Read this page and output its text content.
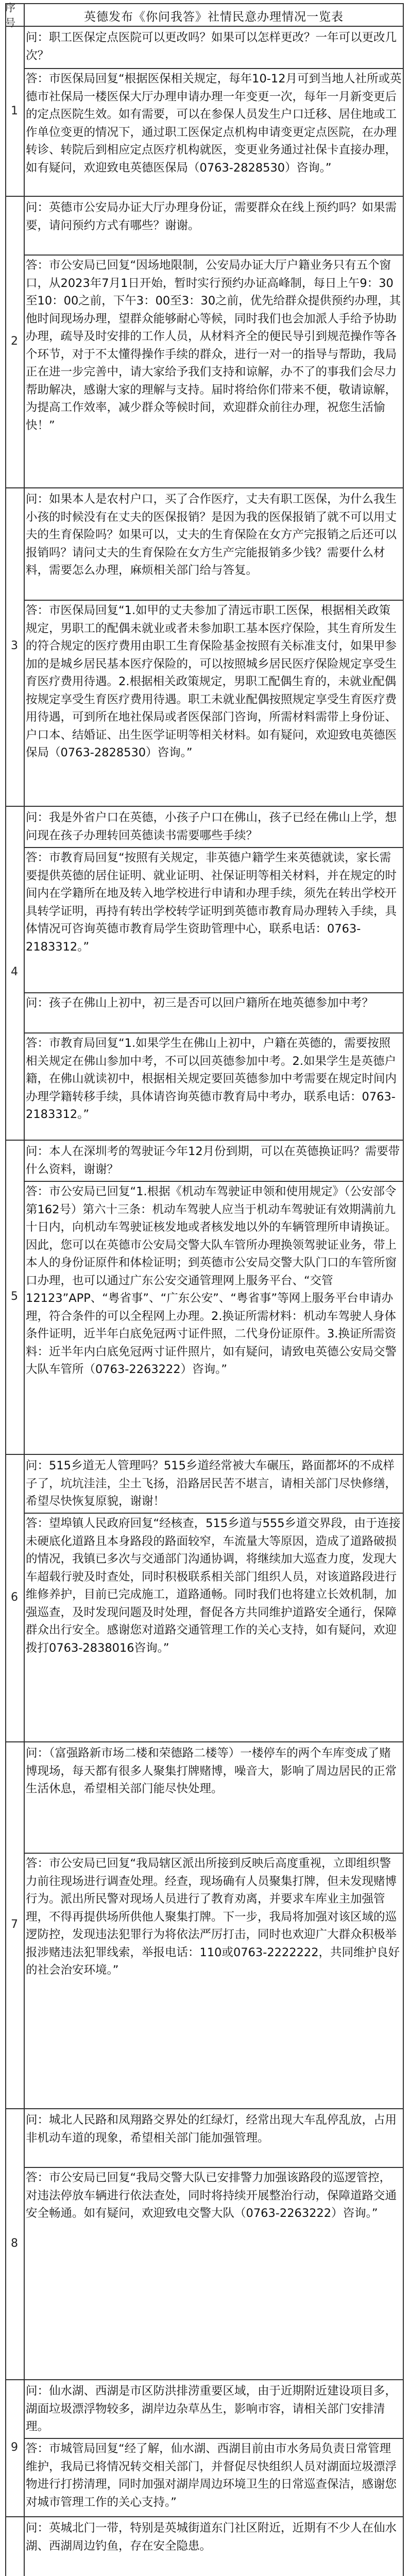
序号	英德发布《你问我答》社情民意办理情况一览表
1
问：职工医保定点医院可以更改吗？如果可以怎样更改？一年可以更改几次？
答：市医保局回复“根据医保相关规定，每年10-12月可到当地人社所或英德市社保局一楼医保大厅办理申请办理一年变更一次，每年一月新变更后的定点医院生效。如有需要，可以在参保人员发生户口迁移、居住地或工作单位变更的情况下，通过职工医保定点机构申请变更定点医院，在办理转诊、转院后到相应定点医疗机构就医，变更业务通过社保卡直接办理，如有疑问，欢迎致电英德医保局（0763-2828530）咨询。”
2
问：英德市公安局办证大厅办理身份证，需要群众在线上预约吗？如果需要，请问预约方式有哪些？谢谢。
答：市公安局已回复“因场地限制，公安局办证大厅户籍业务只有五个窗口，从2023年7月1日开始，暂时实行预约办证高峰制，每日上午9：30至10：00之前，下午3：00至3：30之前，优先给群众提供预约办理，其他时间现场办理，望群众能够耐心等候，同时我们也会加派人手给予协助办理，疏导及时安排的工作人员，从材料齐全的便民导引到规范操作等各个环节，对于不太懂得操作手续的群众，进行一对一的指导与帮助，我局正在进一步完善中，请大家给予我们支持和谅解，办不了的事我们会尽力帮助解决，感谢大家的理解与支持。届时将给你们带来不便，敬请谅解，为提高工作效率，减少群众等候时间，欢迎群众前往办理，祝您生活愉快！”
3
问：如果本人是农村户口，买了合作医疗，丈夫有职工医保，为什么我生小孩的时候没有在丈夫的医保报销？是因为我的医保报销了就不可以用丈夫的生育保险吗？如果可以，丈夫的生育保险在女方产完报销之后还可以报销吗？请问丈夫的生育保险在女方生产完能报销多少钱？需要什么材料，需要怎么办理，麻烦相关部门给与答复。
答：市医保局回复“1.如甲的丈夫参加了清远市职工医保，根据相关政策规定，男职工的配偶未就业或者未参加职工基本医疗保险，其生育所发生的符合规定的医疗费用由职工生育保险基金按照有关标准支付，如果甲参加的是城乡居民基本医疗保险的，可以按照城乡居民医疗保险规定享受生育医疗费用待遇。2.根据相关政策规定，男职工配偶生育的，未就业配偶按规定享受生育医疗费用待遇。职工未就业配偶按照规定享受生育医疗费用待遇，可到所在地社保局或者医保部门咨询，所需材料需带上身份证、户口本、结婚证、出生医学证明等相关材料。如有疑问，欢迎致电英德医保局（0763-2828530）咨询。”
4
问：我是外省户口在英德，小孩子户口在佛山，孩子已经在佛山上学，想问现在孩子办理转回英德读书需要哪些手续？
答：市教育局回复“按照有关规定，非英德户籍学生来英德就读，家长需要提供英德的居住证明、就业证明、社保证明等相关材料，并在规定的时间内在学籍所在地及转入地学校进行申请和办理手续，须先在转出学校开具转学证明，再持有转出学校转学证明到英德市教育局办理转入手续，具体情况可咨询英德市教育局学生资助管理中心，联系电话：0763-2183312。”
问：孩子在佛山上初中，初三是否可以回户籍所在地英德参加中考？
答：市教育局回复“1.如果学生在佛山上初中，户籍在英德的，需要按照相关规定在佛山参加中考，不可以回英德参加中考。2.如果学生是英德户籍，在佛山就读初中，根据相关规定要回英德参加中考需要在规定时间内办理学籍转移手续，具体请咨询英德市教育局中考办，联系电话：0763-2183312。”
5
问：本人在深圳考的驾驶证今年12月份到期，可以在英德换证吗？需要带什么资料，谢谢？
答：市公安局已回复“1.根据《机动车驾驶证申领和使用规定》（公安部令第162号）第六十三条：机动车驾驶人应当于机动车驾驶证有效期满前九十日内，向机动车驾驶证核发地或者核发地以外的车辆管理所申请换证。因此，您可以在英德市公安局交警大队车管所办理换领驾驶证业务，带上本人的身份证原件和体检证明；到英德市公安局交警大队门口的车管所窗口办理，也可以通过广东公安交通管理网上服务平台、“交管12123”APP、“粤省事”、“广东公安”、“粤省事”等网上服务平台申请办理，符合条件的可以全程网上办理。2.换证所需材料：机动车驾驶人身体条件证明，近半年白底免冠两寸证件照，二代身份证原件。3.换证所需资料：近半年内白底免冠两寸证件照片，如有疑问，请致电英德公安局交警大队车管所（0763-2263222）咨询。”
6
问：515乡道无人管理吗？515乡道经常被大车碾压，路面都坏的不成样子了，坑坑洼洼，尘土飞扬，沿路居民苦不堪言，请相关部门尽快修缮，希望尽快恢复原貌，谢谢！
答：望埠镇人民政府回复“经核查，515乡道与555乡道交界段，由于连接未硬底化道路且本身路段的路面较窄，车流量大等原因，造成了道路破损的情况，我镇已多次与交通部门沟通协调，将继续加大巡查力度，发现大车超载行驶及时查处，同时积极联系相关部门组织人员，对该道路段进行维修养护，目前已完成施工，道路通畅。同时我们也将建立长效机制，加强巡查，及时发现问题及时处理，督促各方共同维护道路安全通行，保障群众出行安全。感谢您对道路交通管理工作的关心支持，如有疑问，欢迎拨打0763-2838016咨询。”
7
问：（富强路新市场二楼和荣德路二楼等）一楼停车的两个车库变成了赌博现场，每天都有很多人聚集打牌赌博，噪音大，影响了周边居民的正常生活休息，希望相关部门能尽快处理。
答：市公安局已回复“我局辖区派出所接到反映后高度重视，立即组织警力前往现场进行调查处理。经查，现场确有人员聚集打牌，但未发现赌博行为。派出所民警对现场人员进行了教育劝离，并要求车库业主加强管理，不得再提供场所供他人聚集打牌。下一步，我局将加强对该区域的巡逻防控，发现违法犯罪行为将依法严厉打击，同时也欢迎广大群众积极举报涉赌违法犯罪线索，举报电话：110或0763-2222222，共同维护良好的社会治安环境。”
8
问：城北人民路和凤翔路交界处的红绿灯，经常出现大车乱停乱放，占用非机动车道的现象，希望相关部门能加强管理。
答：市公安局已回复“我局交警大队已安排警力加强该路段的巡逻管控，对违法停放车辆进行依法查处，同时将持续开展整治行动，保障道路交通安全畅通。如有疑问，欢迎致电交警大队（0763-2263222）咨询。”
9
问：仙水湖、西湖是市区防洪排涝重要区域，由于近期附近建设项目多，湖面垃圾漂浮物较多，湖岸边杂草丛生，影响市容，请相关部门安排清理。
答：市城管局回复“经了解，仙水湖、西湖目前由市水务局负责日常管理维护，我局已将情况转交相关部门，并督促尽快组织人员对湖面垃圾漂浮物进行打捞清理，同时加强对湖岸周边环境卫生的日常巡查保洁，感谢您对城市管理工作的关心支持。”
问：英城北门一带，特别是英城街道东门社区附近，近期有不少人在仙水湖、西湖周边钓鱼，存在安全隐患。
